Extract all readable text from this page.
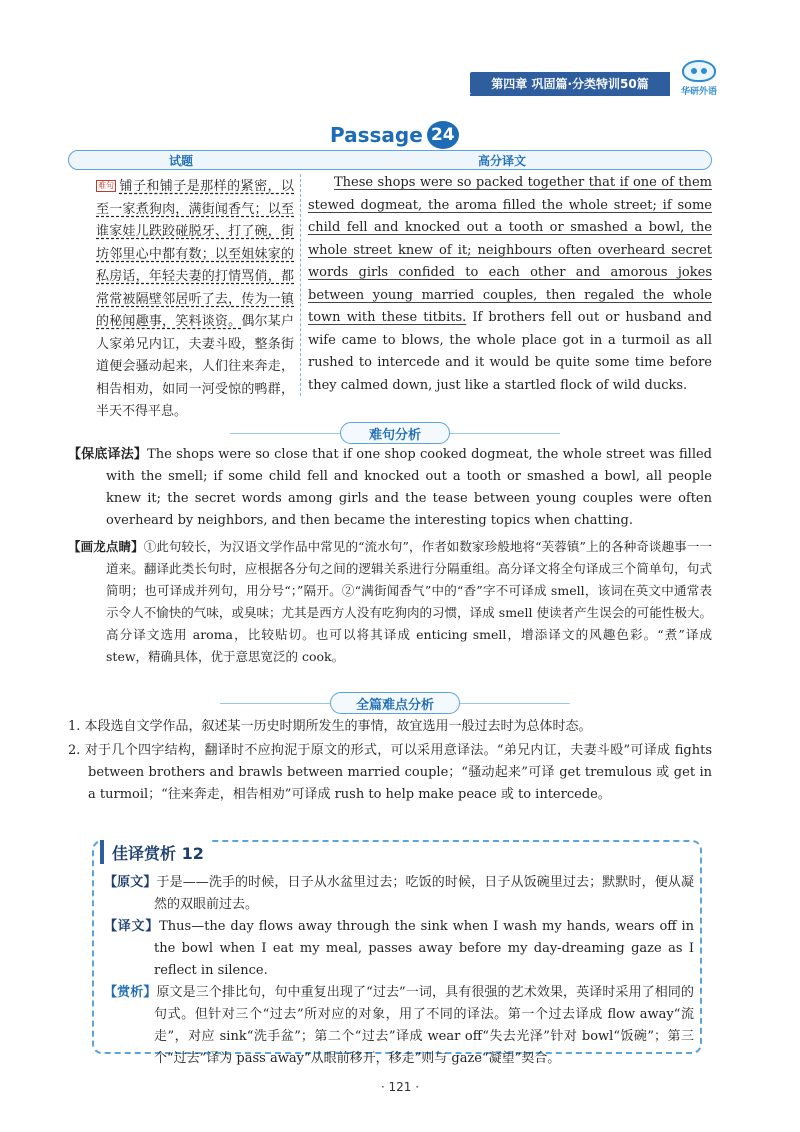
第四章 巩固篇·分类特训50篇
华研外语
Passage 24
试题	高分译文
难句 铺子和铺子是那样的紧密，以至一家煮狗肉，满街闻香气；以至谁家娃儿跌跤碰脱牙、打了碗，街坊邻里心中都有数；以至姐妹家的私房话，年轻夫妻的打情骂俏，都常常被隔壁邻居听了去，传为一镇的秘闻趣事，笑料谈资。偶尔某户人家弟兄内讧，夫妻斗殴，整条街道便会骚动起来，人们往来奔走，相告相劝，如同一河受惊的鸭群，半天不得平息。
These shops were so packed together that if one of them stewed dogmeat, the aroma filled the whole street; if some child fell and knocked out a tooth or smashed a bowl, the whole street knew of it; neighbours often overheard secret words girls confided to each other and amorous jokes between young married couples, then regaled the whole town with these titbits. If brothers fell out or husband and wife came to blows, the whole place got in a turmoil as all rushed to intercede and it would be quite some time before they calmed down, just like a startled flock of wild ducks.
难句分析
【保底译法】The shops were so close that if one shop cooked dogmeat, the whole street was filled with the smell; if some child fell and knocked out a tooth or smashed a bowl, all people knew it; the secret words among girls and the tease between young couples were often overheard by neighbors, and then became the interesting topics when chatting.
【画龙点睛】①此句较长，为汉语文学作品中常见的“流水句”，作者如数家珍般地将“芙蓉镇”上的各种奇谈趣事一一道来。翻译此类长句时，应根据各分句之间的逻辑关系进行分隔重组。高分译文将全句译成三个简单句，句式简明；也可译成并列句，用分号“；”隔开。②“满街闻香气”中的“香”字不可译成 smell，该词在英文中通常表示令人不愉快的气味，或臭味；尤其是西方人没有吃狗肉的习惯，译成 smell 使读者产生误会的可能性极大。高分译文选用 aroma，比较贴切。也可以将其译成 enticing smell，增添译文的风趣色彩。“煮”译成 stew，精确具体，优于意思宽泛的 cook。
全篇难点分析
1. 本段选自文学作品，叙述某一历史时期所发生的事情，故宜选用一般过去时为总体时态。
2. 对于几个四字结构，翻译时不应拘泥于原文的形式，可以采用意译法。“弟兄内讧，夫妻斗殴”可译成 fights between brothers and brawls between married couple；“骚动起来”可译 get tremulous 或 get in a turmoil；“往来奔走，相告相劝”可译成 rush to help make peace 或 to intercede。
佳译赏析 12

【原文】于是——洗手的时候，日子从水盆里过去；吃饭的时候，日子从饭碗里过去；默默时，便从凝然的双眼前过去。

【译文】Thus—the day flows away through the sink when I wash my hands, wears off in the bowl when I eat my meal, passes away before my day-dreaming gaze as I reflect in silence.

【赏析】原文是三个排比句，句中重复出现了“过去”一词，具有很强的艺术效果，英译时采用了相同的句式。但针对三个“过去”所对应的对象，用了不同的译法。第一个过去译成 flow away“流走”，对应 sink“洗手盆”；第二个“过去”译成 wear off“失去光泽”针对 bowl“饭碗”；第三个“过去”译为 pass away“从眼前移开，移走”则与 gaze“凝望”契合。

· 121 ·
